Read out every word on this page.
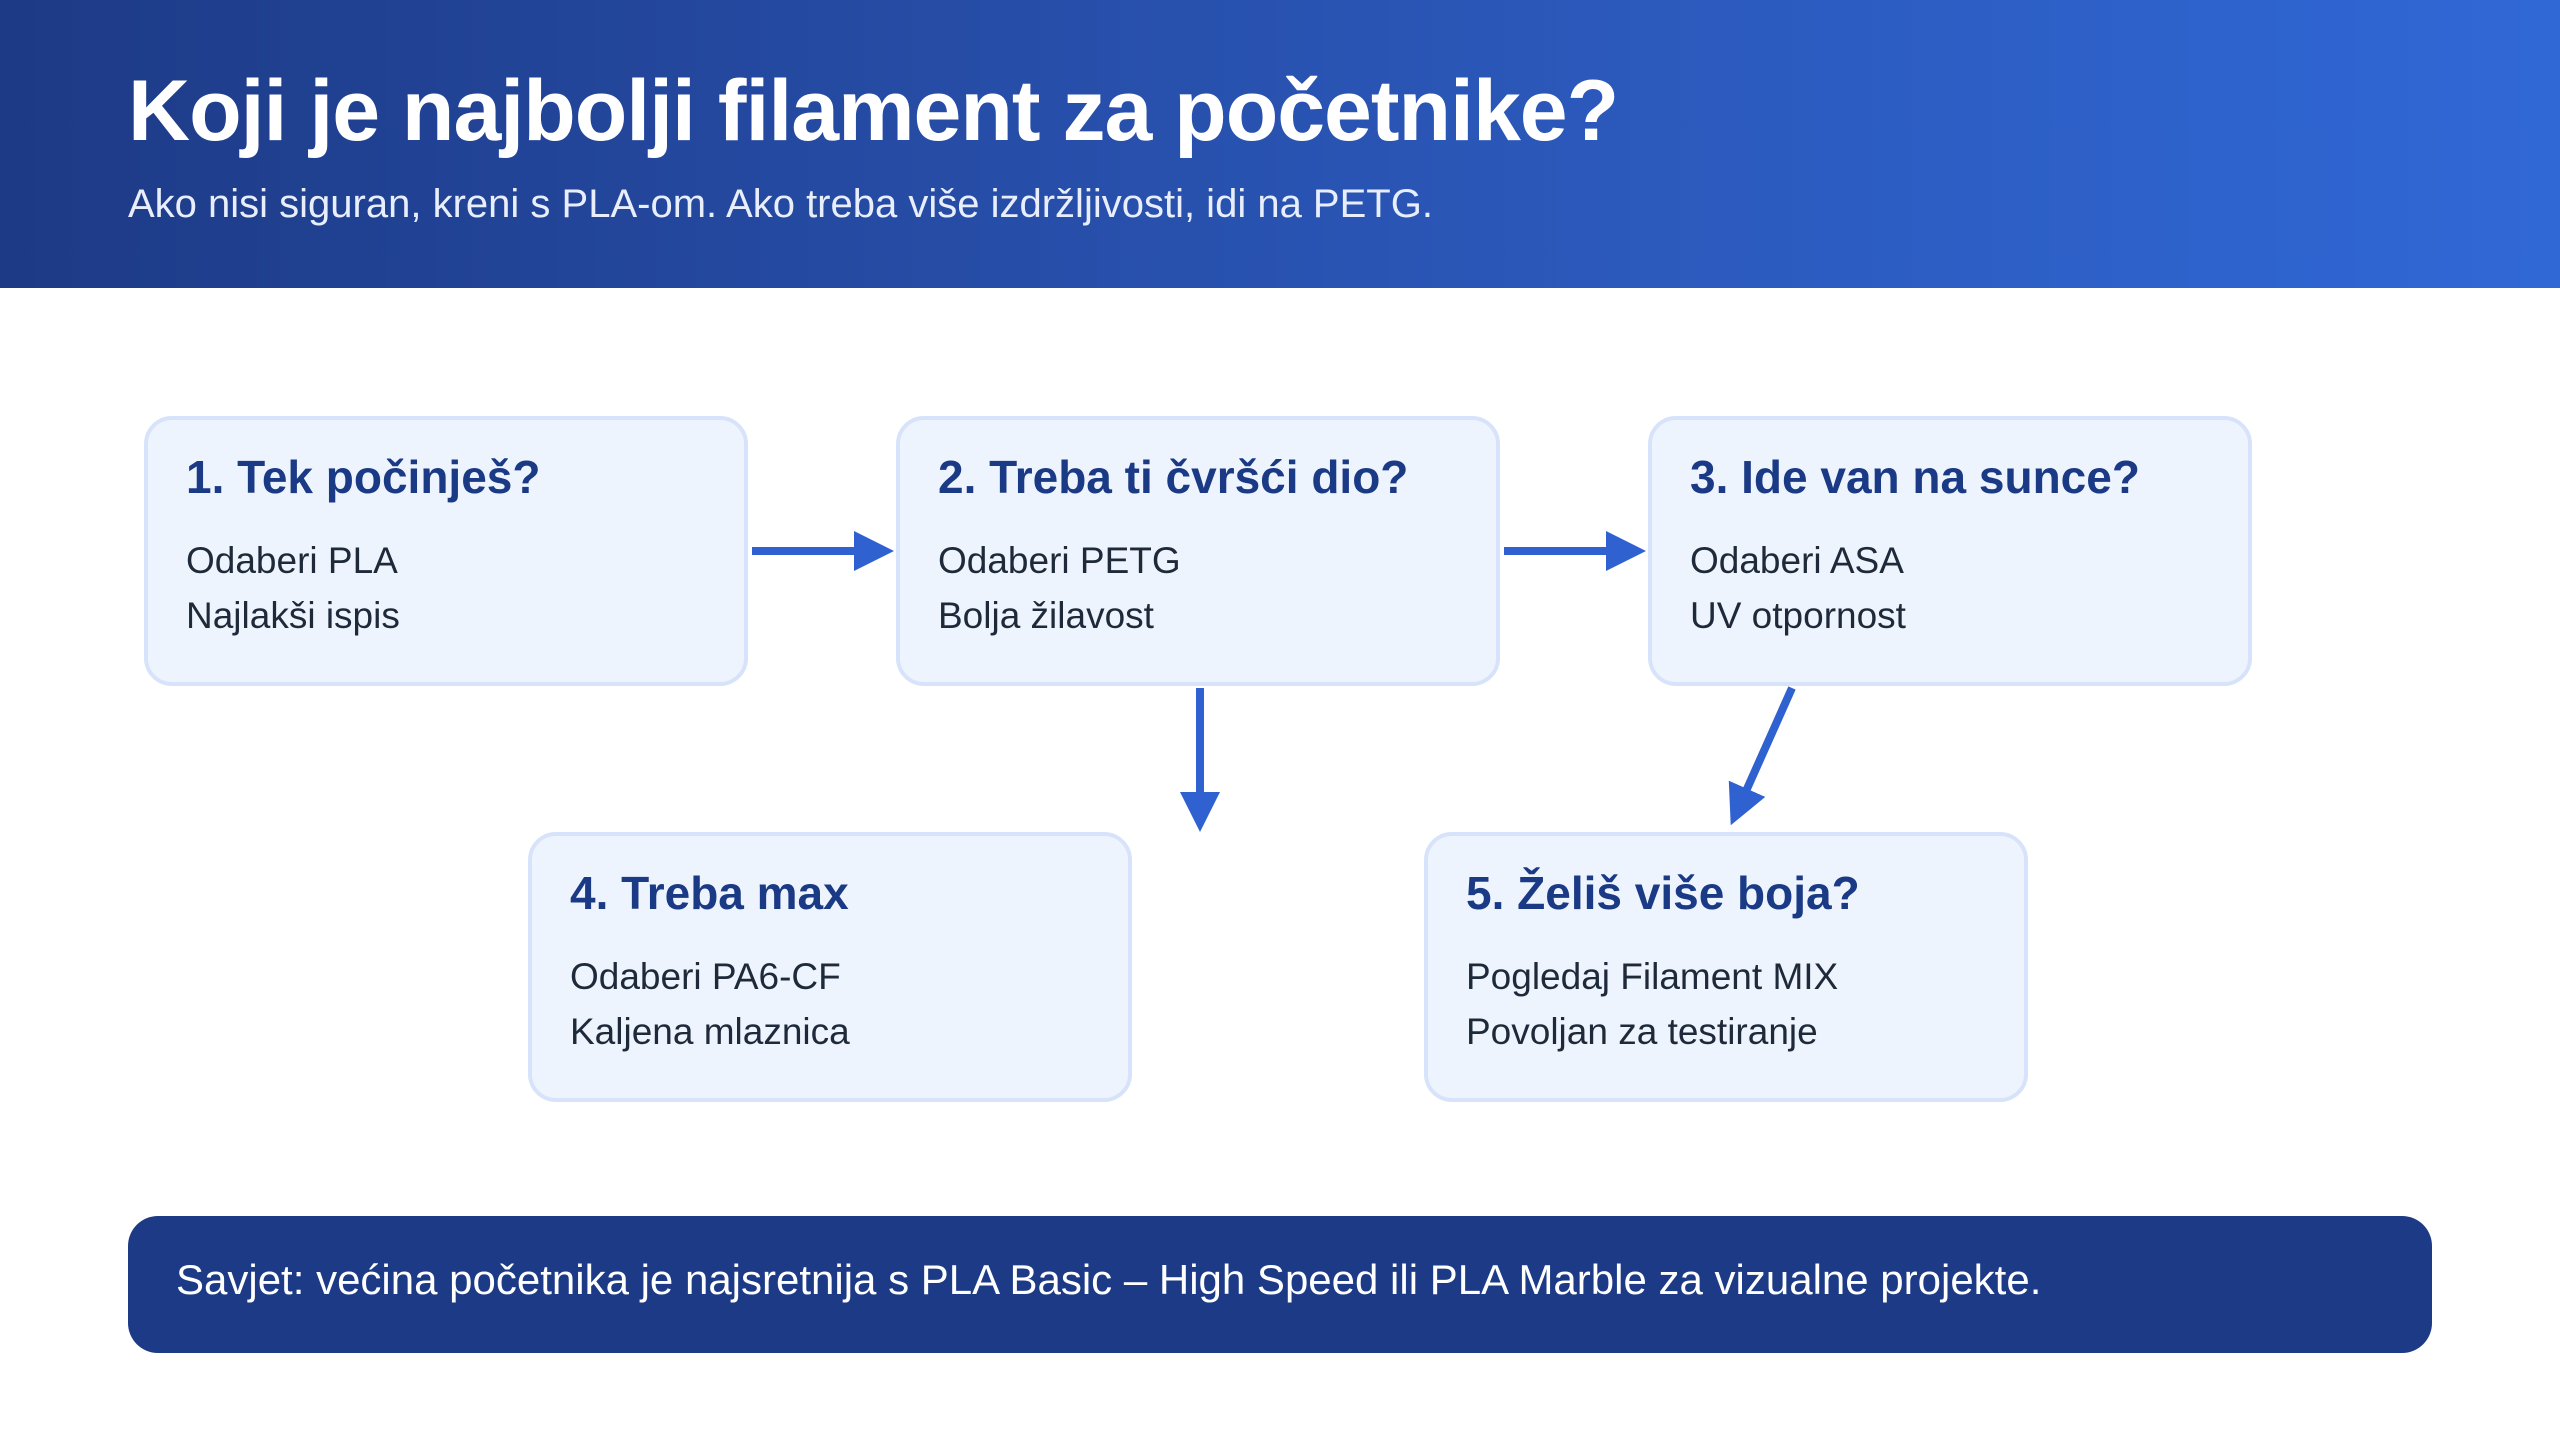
Koji je najbolji filament za početnike?

Ako nisi siguran, kreni s PLA-om. Ako treba više izdržljivosti, idi na PETG.

1. Tek počinješ?
Odaberi PLA
Najlakši ispis
2. Treba ti čvršći dio?
Odaberi PETG
Bolja žilavost
3. Ide van na sunce?
Odaberi ASA
UV otpornost
4. Treba max
Odaberi PA6-CF
Kaljena mlaznica
5. Želiš više boja?
Pogledaj Filament MIX
Povoljan za testiranje
Savjet: većina početnika je najsretnija s PLA Basic – High Speed ili PLA Marble za vizualne projekte.
